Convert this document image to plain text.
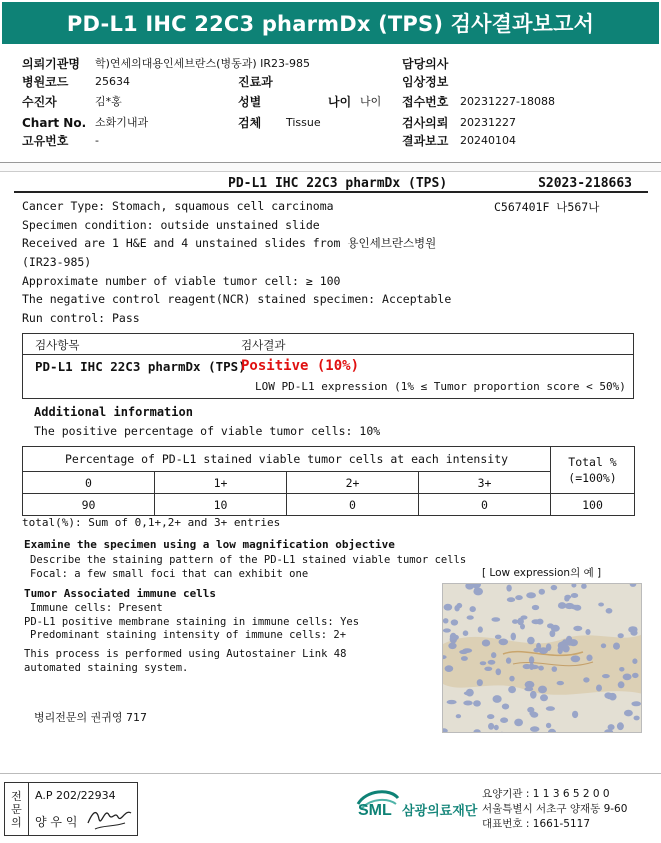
PD-L1 IHC 22C3 pharmDx (TPS) 검사결과보고서
의뢰기관명 학)연세의대용인세브란스(병동과) IR23-985	담당의사
병원코드 25634	진료과	임상정보
수진자	김*홍	성별	나이 나이 접수번호 20231227-18088
Chart No. 소화기내과	검체 Tissue	검사의뢰 20231227
고유번호 -	결과보고 20240104
PD-L1 IHC 22C3 pharmDx (TPS)	S2023-218663
C567401F 나567나
Cancer Type: Stomach, squamous cell carcinoma
Specimen condition: outside unstained slide
Received are 1 H&E and 4 unstained slides from 용인세브란스병원
(IR23-985)
Approximate number of viable tumor cell: ≥ 100
The negative control reagent(NCR) stained specimen: Acceptable
Run control: Pass
검사항목	검사결과
PD-L1 IHC 22C3 pharmDx (TPS)
Positive (10%)
LOW PD-L1 expression (1% ≤ Tumor proportion score < 50%)
Additional information
The positive percentage of viable tumor cells: 10%
Percentage of PD-L1 stained viable tumor cells at each intensity				Total %
(=100%)

0	1+	2+	3+	
90	10	0	0	100
total(%): Sum of 0,1+,2+ and 3+ entries
Examine the specimen using a low magnification objective
Describe the staining pattern of the PD-L1 stained viable tumor cells
Focal: a few small foci that can exhibit one	[ Low expression의 예 ]
Tumor Associated immune cells
Immune cells: Present
PD-L1 positive membrane staining in immune cells: Yes
Predominant staining intensity of immune cells: 2+
This process is performed using Autostainer Link 48
automated staining system.
병리전문의 권귀영 717
전
문
의
A.P 202/22934
양 우 익
SML 삼광의료재단
요양기관 : 1 1 3 6 5 2 0 0
서울특별시 서초구 양재동 9-60
대표번호 : 1661-5117
